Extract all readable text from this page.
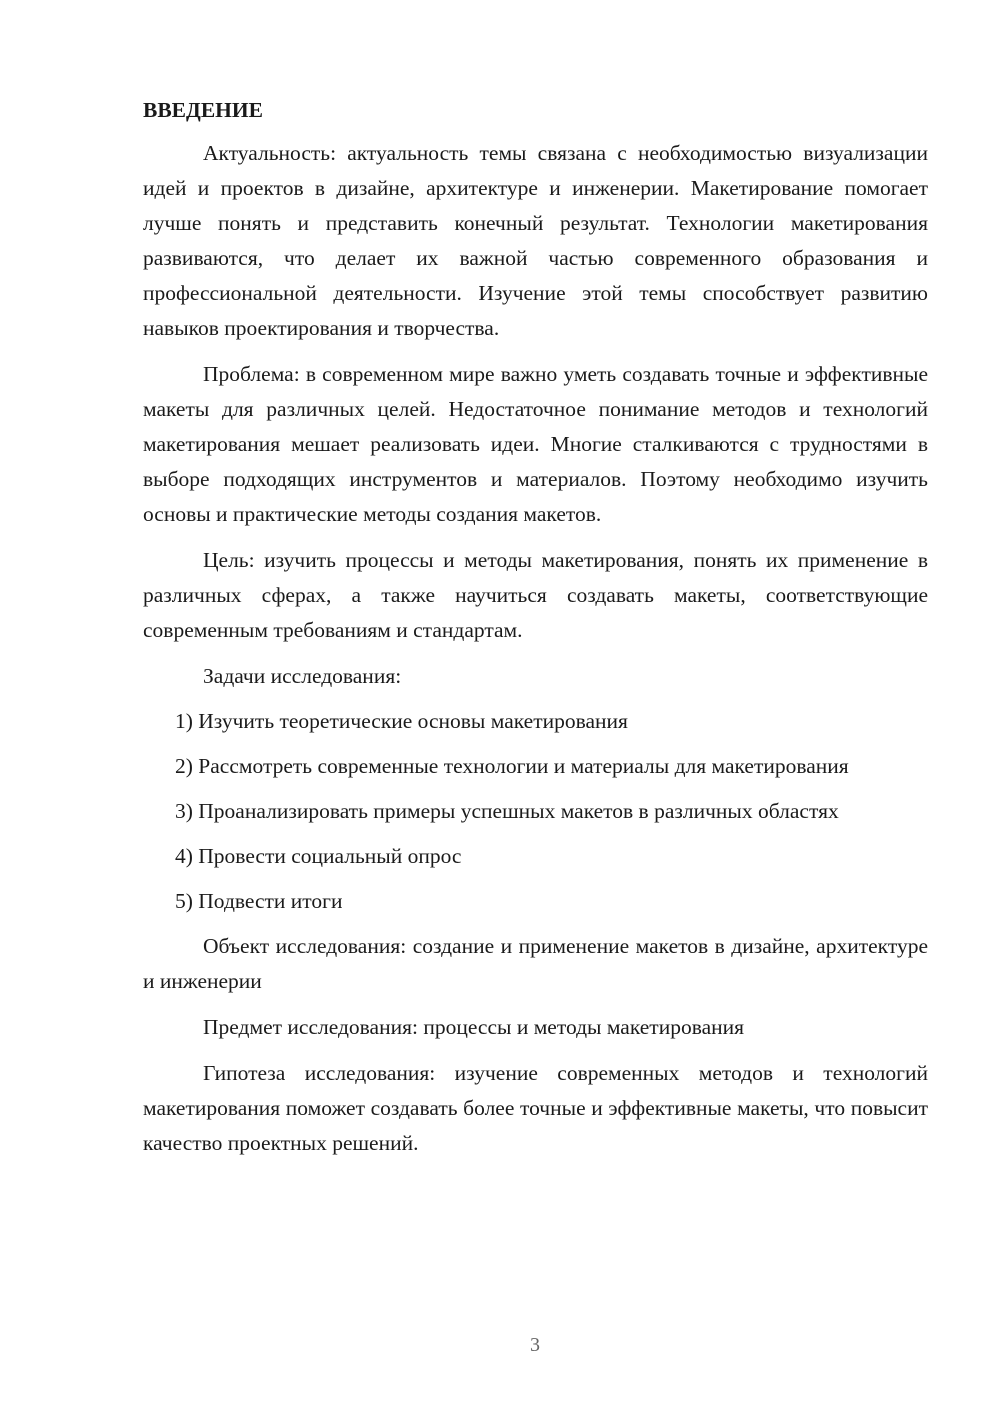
ВВЕДЕНИЕ

Актуальность: актуальность темы связана с необходимостью визуализации идей и проектов в дизайне, архитектуре и инженерии. Макетирование помогает лучше понять и представить конечный результат. Технологии макетирования развиваются, что делает их важной частью современного образования и профессиональной деятельности. Изучение этой темы способствует развитию навыков проектирования и творчества.

Проблема: в современном мире важно уметь создавать точные и эффективные макеты для различных целей. Недостаточное понимание методов и технологий макетирования мешает реализовать идеи. Многие сталкиваются с трудностями в выборе подходящих инструментов и материалов. Поэтому необходимо изучить основы и практические методы создания макетов.

Цель: изучить процессы и методы макетирования, понять их применение в различных сферах, а также научиться создавать макеты, соответствующие современным требованиям и стандартам.

Задачи исследования:

1) Изучить теоретические основы макетирования

2) Рассмотреть современные технологии и материалы для макетирования

3) Проанализировать примеры успешных макетов в различных областях

4) Провести социальный опрос

5) Подвести итоги

Объект исследования: создание и применение макетов в дизайне, архитектуре и инженерии

Предмет исследования: процессы и методы макетирования

Гипотеза исследования: изучение современных методов и технологий макетирования поможет создавать более точные и эффективные макеты, что повысит качество проектных решений.

3
